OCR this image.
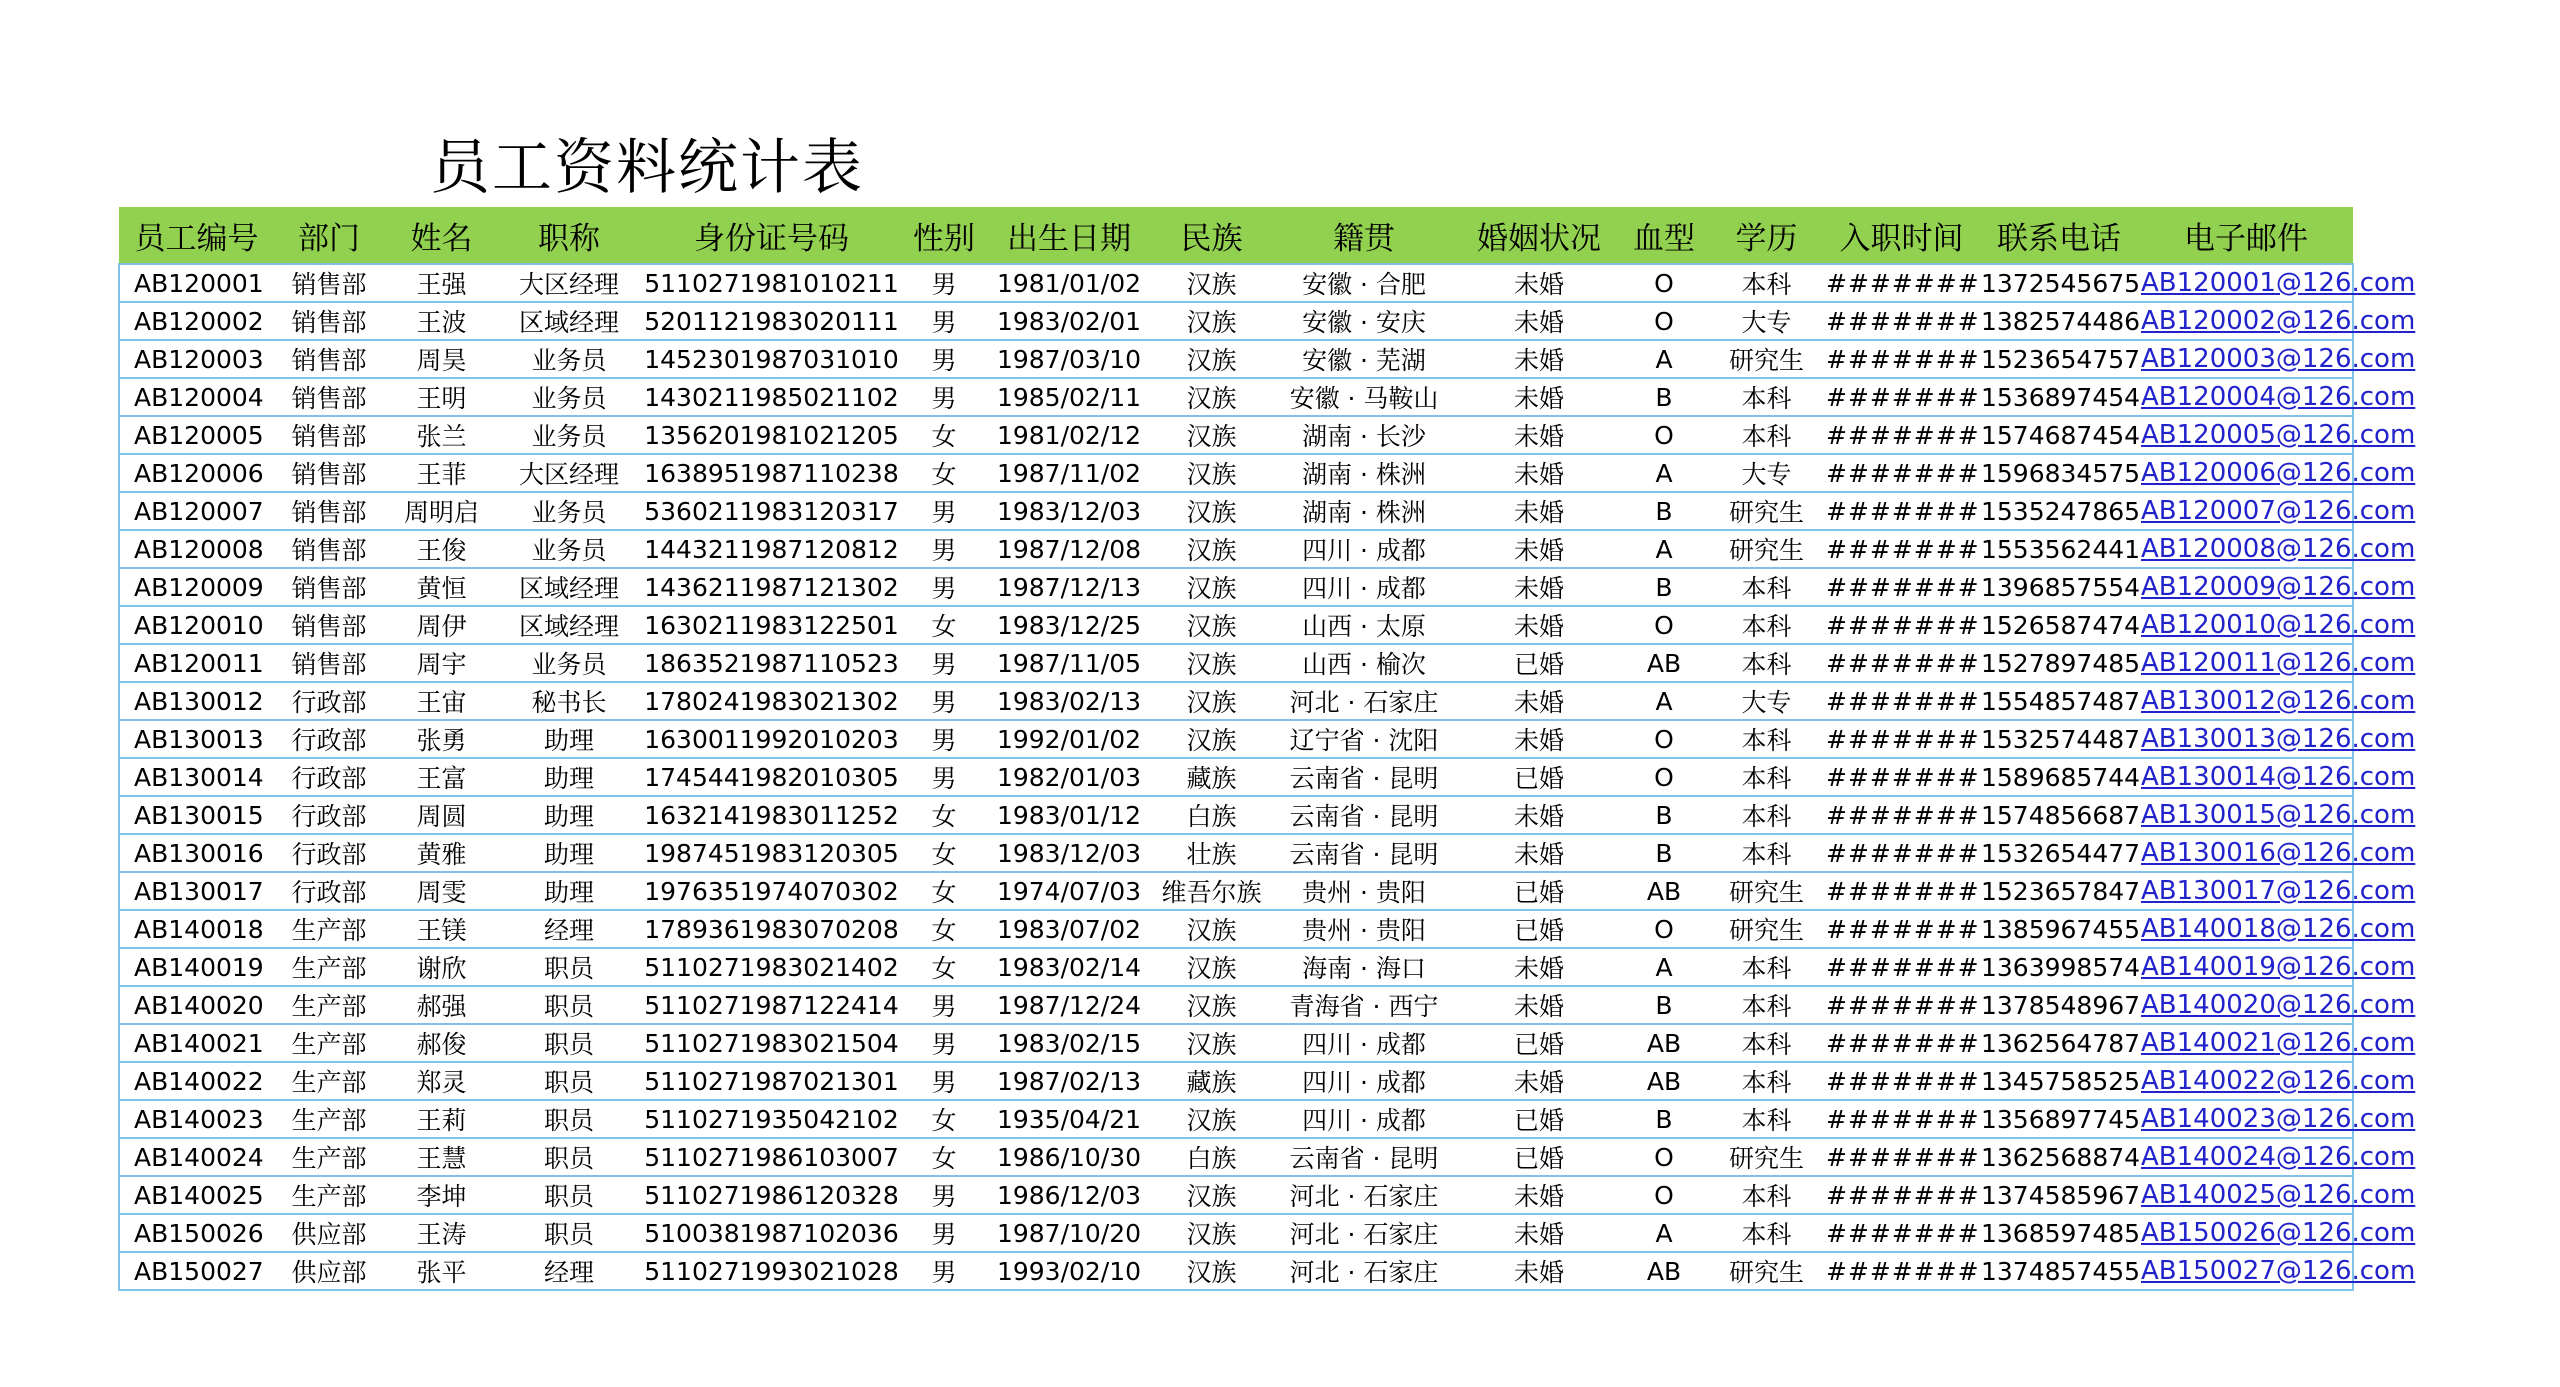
员工资料统计表
员工编号	部门	姓名	职称	身份证号码	性别	出生日期	民族	籍贯	婚姻状况	血型	学历	入职时间	联系电话	电子邮件
AB120001	销售部	王强	大区经理	5110271981010211	男	1981/01/02	汉族	安徽 · 合肥	未婚	O	本科	#######	1372545675	AB120001@126.com
AB120002	销售部	王波	区域经理	5201121983020111	男	1983/02/01	汉族	安徽 · 安庆	未婚	O	大专	#######	1382574486	AB120002@126.com
AB120003	销售部	周昊	业务员	1452301987031010	男	1987/03/10	汉族	安徽 · 芜湖	未婚	A	研究生	#######	1523654757	AB120003@126.com
AB120004	销售部	王明	业务员	1430211985021102	男	1985/02/11	汉族	安徽 · 马鞍山	未婚	B	本科	#######	1536897454	AB120004@126.com
AB120005	销售部	张兰	业务员	1356201981021205	女	1981/02/12	汉族	湖南 · 长沙	未婚	O	本科	#######	1574687454	AB120005@126.com
AB120006	销售部	王菲	大区经理	1638951987110238	女	1987/11/02	汉族	湖南 · 株洲	未婚	A	大专	#######	1596834575	AB120006@126.com
AB120007	销售部	周明启	业务员	5360211983120317	男	1983/12/03	汉族	湖南 · 株洲	未婚	B	研究生	#######	1535247865	AB120007@126.com
AB120008	销售部	王俊	业务员	1443211987120812	男	1987/12/08	汉族	四川 · 成都	未婚	A	研究生	#######	1553562441	AB120008@126.com
AB120009	销售部	黄恒	区域经理	1436211987121302	男	1987/12/13	汉族	四川 · 成都	未婚	B	本科	#######	1396857554	AB120009@126.com
AB120010	销售部	周伊	区域经理	1630211983122501	女	1983/12/25	汉族	山西 · 太原	未婚	O	本科	#######	1526587474	AB120010@126.com
AB120011	销售部	周宇	业务员	1863521987110523	男	1987/11/05	汉族	山西 · 榆次	已婚	AB	本科	#######	1527897485	AB120011@126.com
AB130012	行政部	王宙	秘书长	1780241983021302	男	1983/02/13	汉族	河北 · 石家庄	未婚	A	大专	#######	1554857487	AB130012@126.com
AB130013	行政部	张勇	助理	1630011992010203	男	1992/01/02	汉族	辽宁省 · 沈阳	未婚	O	本科	#######	1532574487	AB130013@126.com
AB130014	行政部	王富	助理	1745441982010305	男	1982/01/03	藏族	云南省 · 昆明	已婚	O	本科	#######	1589685744	AB130014@126.com
AB130015	行政部	周圆	助理	1632141983011252	女	1983/01/12	白族	云南省 · 昆明	未婚	B	本科	#######	1574856687	AB130015@126.com
AB130016	行政部	黄雅	助理	1987451983120305	女	1983/12/03	壮族	云南省 · 昆明	未婚	B	本科	#######	1532654477	AB130016@126.com
AB130017	行政部	周雯	助理	1976351974070302	女	1974/07/03	维吾尔族	贵州 · 贵阳	已婚	AB	研究生	#######	1523657847	AB130017@126.com
AB140018	生产部	王镁	经理	1789361983070208	女	1983/07/02	汉族	贵州 · 贵阳	已婚	O	研究生	#######	1385967455	AB140018@126.com
AB140019	生产部	谢欣	职员	5110271983021402	女	1983/02/14	汉族	海南 · 海口	未婚	A	本科	#######	1363998574	AB140019@126.com
AB140020	生产部	郝强	职员	5110271987122414	男	1987/12/24	汉族	青海省 · 西宁	未婚	B	本科	#######	1378548967	AB140020@126.com
AB140021	生产部	郝俊	职员	5110271983021504	男	1983/02/15	汉族	四川 · 成都	已婚	AB	本科	#######	1362564787	AB140021@126.com
AB140022	生产部	郑灵	职员	5110271987021301	男	1987/02/13	藏族	四川 · 成都	未婚	AB	本科	#######	1345758525	AB140022@126.com
AB140023	生产部	王莉	职员	5110271935042102	女	1935/04/21	汉族	四川 · 成都	已婚	B	本科	#######	1356897745	AB140023@126.com
AB140024	生产部	王慧	职员	5110271986103007	女	1986/10/30	白族	云南省 · 昆明	已婚	O	研究生	#######	1362568874	AB140024@126.com
AB140025	生产部	李坤	职员	5110271986120328	男	1986/12/03	汉族	河北 · 石家庄	未婚	O	本科	#######	1374585967	AB140025@126.com
AB150026	供应部	王涛	职员	5100381987102036	男	1987/10/20	汉族	河北 · 石家庄	未婚	A	本科	#######	1368597485	AB150026@126.com
AB150027	供应部	张平	经理	5110271993021028	男	1993/02/10	汉族	河北 · 石家庄	未婚	AB	研究生	#######	1374857455	AB150027@126.com
